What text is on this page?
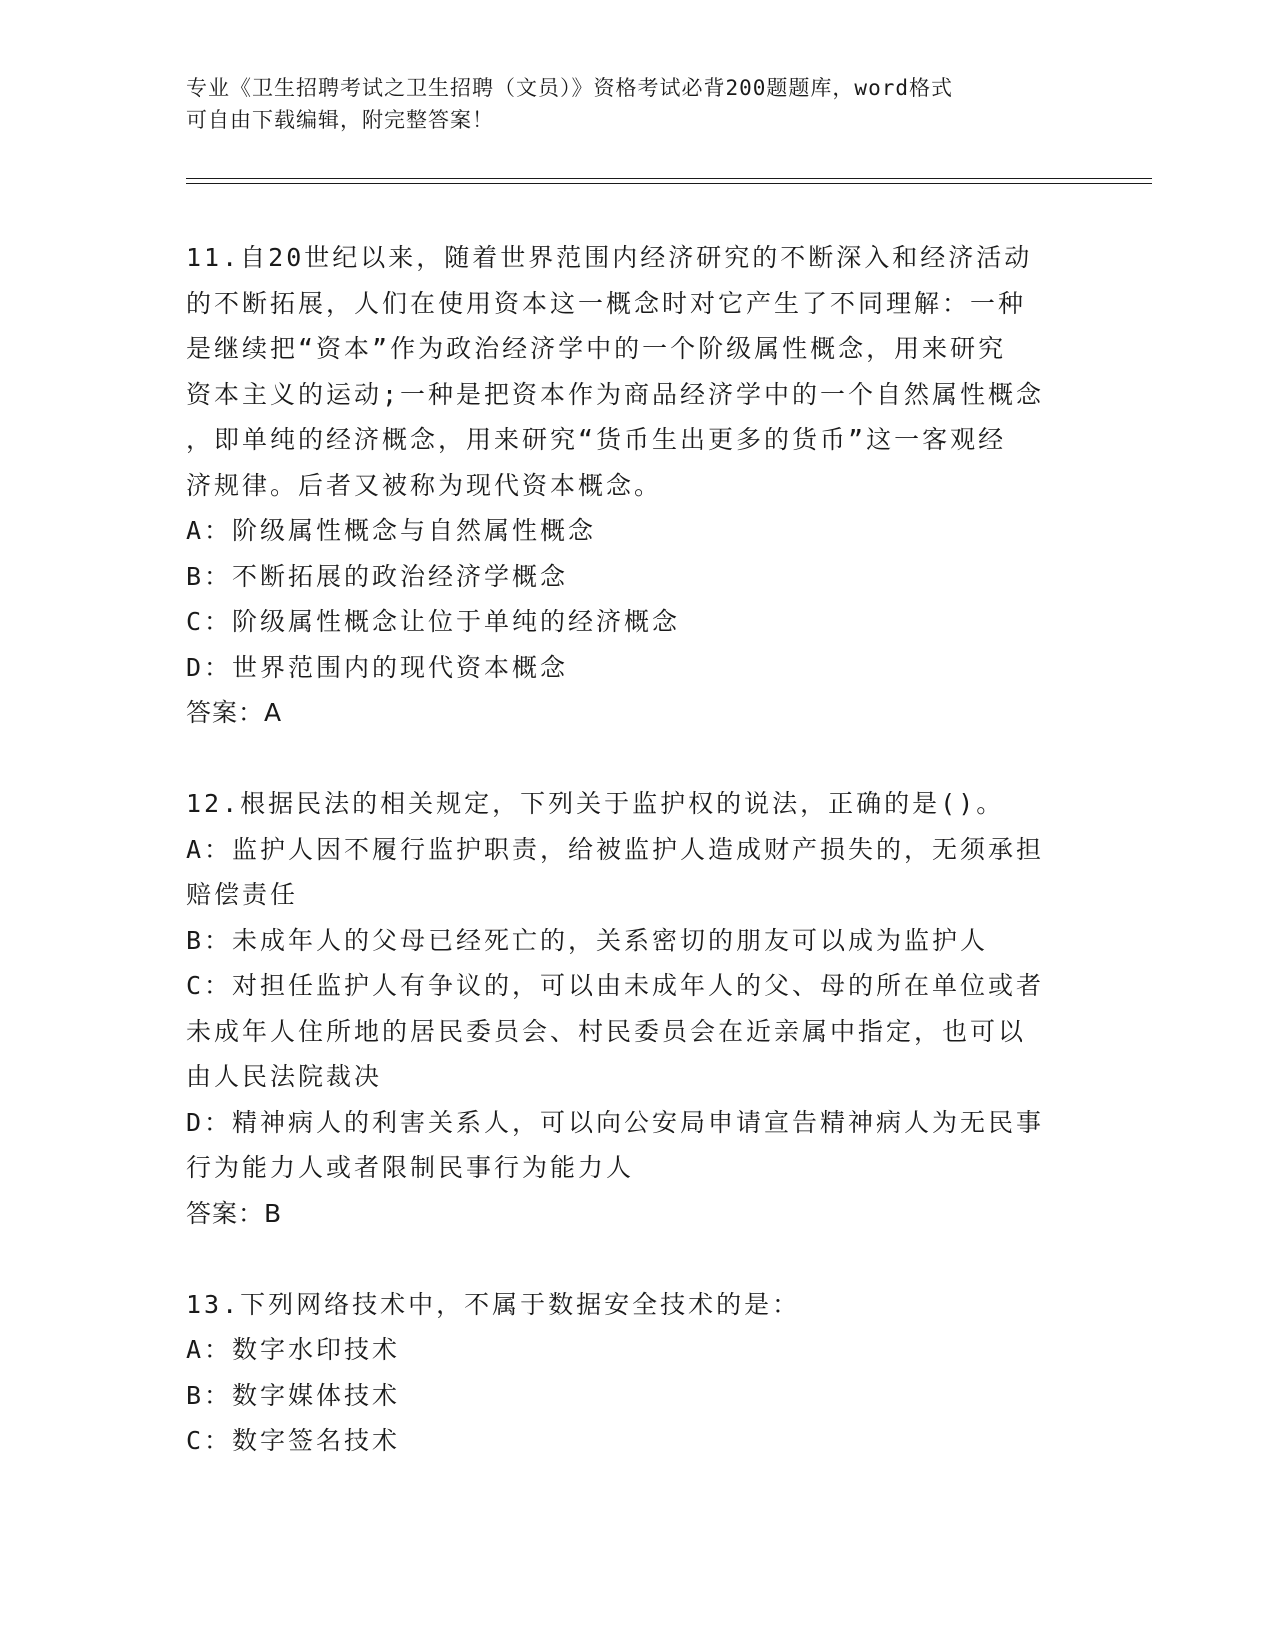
专业《卫生招聘考试之卫生招聘（文员）》资格考试必背200题题库，word格式
可自由下载编辑，附完整答案！
11.自20世纪以来，随着世界范围内经济研究的不断深入和经济活动
的不断拓展，人们在使用资本这一概念时对它产生了不同理解：一种
是继续把“资本”作为政治经济学中的一个阶级属性概念，用来研究
资本主义的运动;一种是把资本作为商品经济学中的一个自然属性概念
，即单纯的经济概念，用来研究“货币生出更多的货币”这一客观经
济规律。后者又被称为现代资本概念。
A：阶级属性概念与自然属性概念
B：不断拓展的政治经济学概念
C：阶级属性概念让位于单纯的经济概念
D：世界范围内的现代资本概念
答案：A
12.根据民法的相关规定，下列关于监护权的说法，正确的是()。
A：监护人因不履行监护职责，给被监护人造成财产损失的，无须承担
赔偿责任
B：未成年人的父母已经死亡的，关系密切的朋友可以成为监护人
C：对担任监护人有争议的，可以由未成年人的父、母的所在单位或者
未成年人住所地的居民委员会、村民委员会在近亲属中指定，也可以
由人民法院裁决
D：精神病人的利害关系人，可以向公安局申请宣告精神病人为无民事
行为能力人或者限制民事行为能力人
答案：B
13.下列网络技术中，不属于数据安全技术的是：
A：数字水印技术
B：数字媒体技术
C：数字签名技术
